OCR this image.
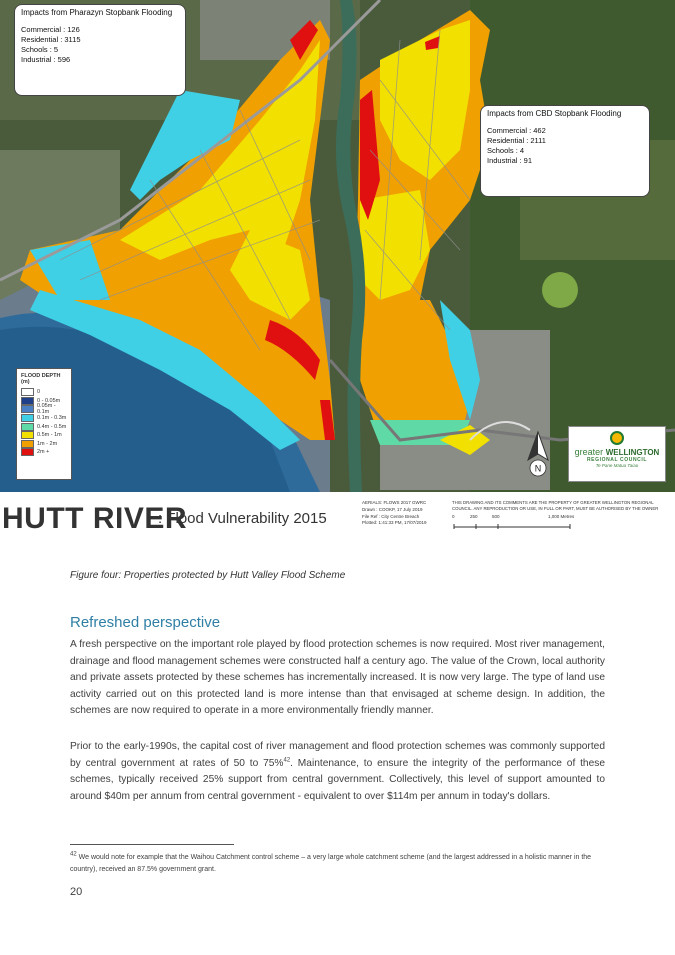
Impacts from Pharazyn Stopbank Flooding
Commercial : 126
Residential : 3115
Schools : 5
Industrial : 596
Impacts from CBD Stopbank Flooding
Commercial : 462
Residential : 2111
Schools : 4
Industrial : 91
FLOOD DEPTH (m)
0
0 - 0.05m
0.05m - 0.1m
0.1m - 0.3m
0.4m - 0.5m
0.5m - 1m
1m - 2m
2m +
N
greater WELLINGTON
REGIONAL COUNCIL
Te Pane Matua Taiao
HUTT RIVER
: Flood Vulnerability 2015
AERIALS: FLOWS 2017 GWRC
Drawn : COOKP, 17 July 2019
File Ref : City Centre Breach
Plotted: 1:41:33 PM, 17/07/2019
THIS DRAWING AND ITS COMMENTS ARE THE PROPERTY OF GREATER WELLINGTON REGIONAL COUNCIL. ANY REPRODUCTION OR USE, IN FULL OR PART, MUST BE AUTHORISED BY THE OWNER
0	250	500	1,000 Metres
Figure four: Properties protected by Hutt Valley Flood Scheme
Refreshed perspective
A fresh perspective on the important role played by flood protection schemes is now required. Most river management, drainage and flood management schemes were constructed half a century ago. The value of the Crown, local authority and private assets protected by these schemes has incrementally increased. It is now very large. The type of land use activity carried out on this protected land is more intense than that envisaged at scheme design. In addition, the schemes are now required to operate in a more environmentally friendly manner.
Prior to the early-1990s, the capital cost of river management and flood protection schemes was commonly supported by central government at rates of 50 to 75%$^{42}$. Maintenance, to ensure the integrity of the performance of these schemes, typically received 25% support from central government. Collectively, this level of support amounted to around $40m per annum from central government - equivalent to over $114m per annum in today's dollars.
$^{42}$ We would note for example that the Waihou Catchment control scheme – a very large whole catchment scheme (and the largest addressed in a holistic manner in the country), received an 87.5% government grant.
20
